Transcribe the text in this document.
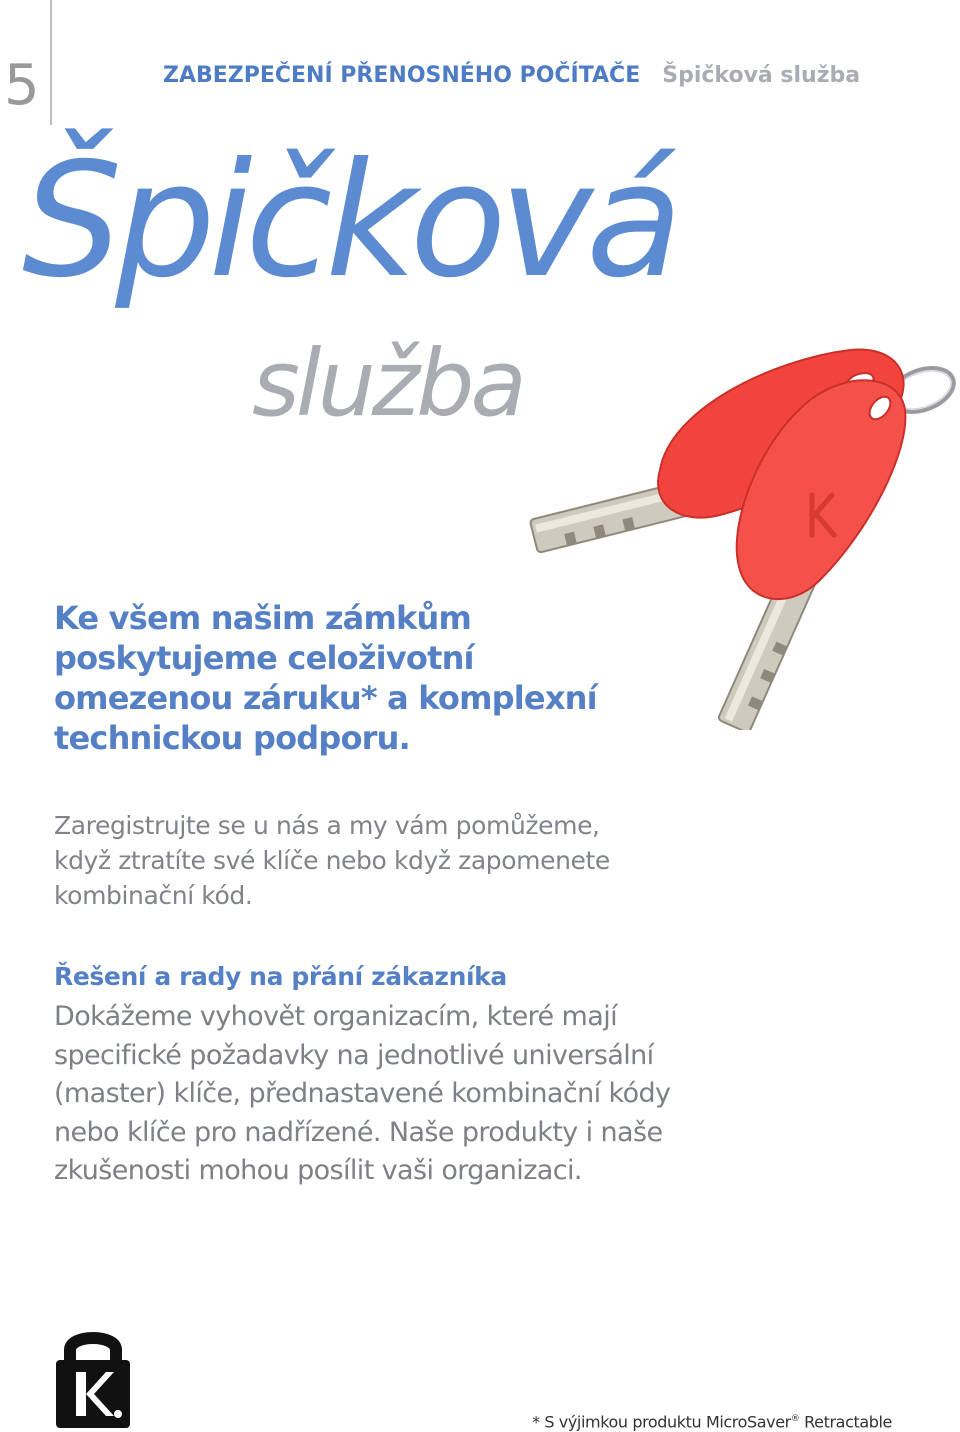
5	ZABEZPEČENÍ PŘENOSNÉHO POČÍTAČE Špičková služba
Špičková
služba
Ke všem našim zámkům
poskytujeme celoživotní
omezenou záruku* a komplexní
technickou podporu.
Zaregistrujte se u nás a my vám pomůžeme,
když ztratíte své klíče nebo když zapomenete
kombinační kód.
Řešení a rady na přání zákazníka
Dokážeme vyhovět organizacím, které mají
specifické požadavky na jednotlivé universální
(master) klíče, přednastavené kombinační kódy
nebo klíče pro nadřízené. Naše produkty i naše
zkušenosti mohou posílit vaši organizaci.
* S výjimkou produktu MicroSaver® Retractable
